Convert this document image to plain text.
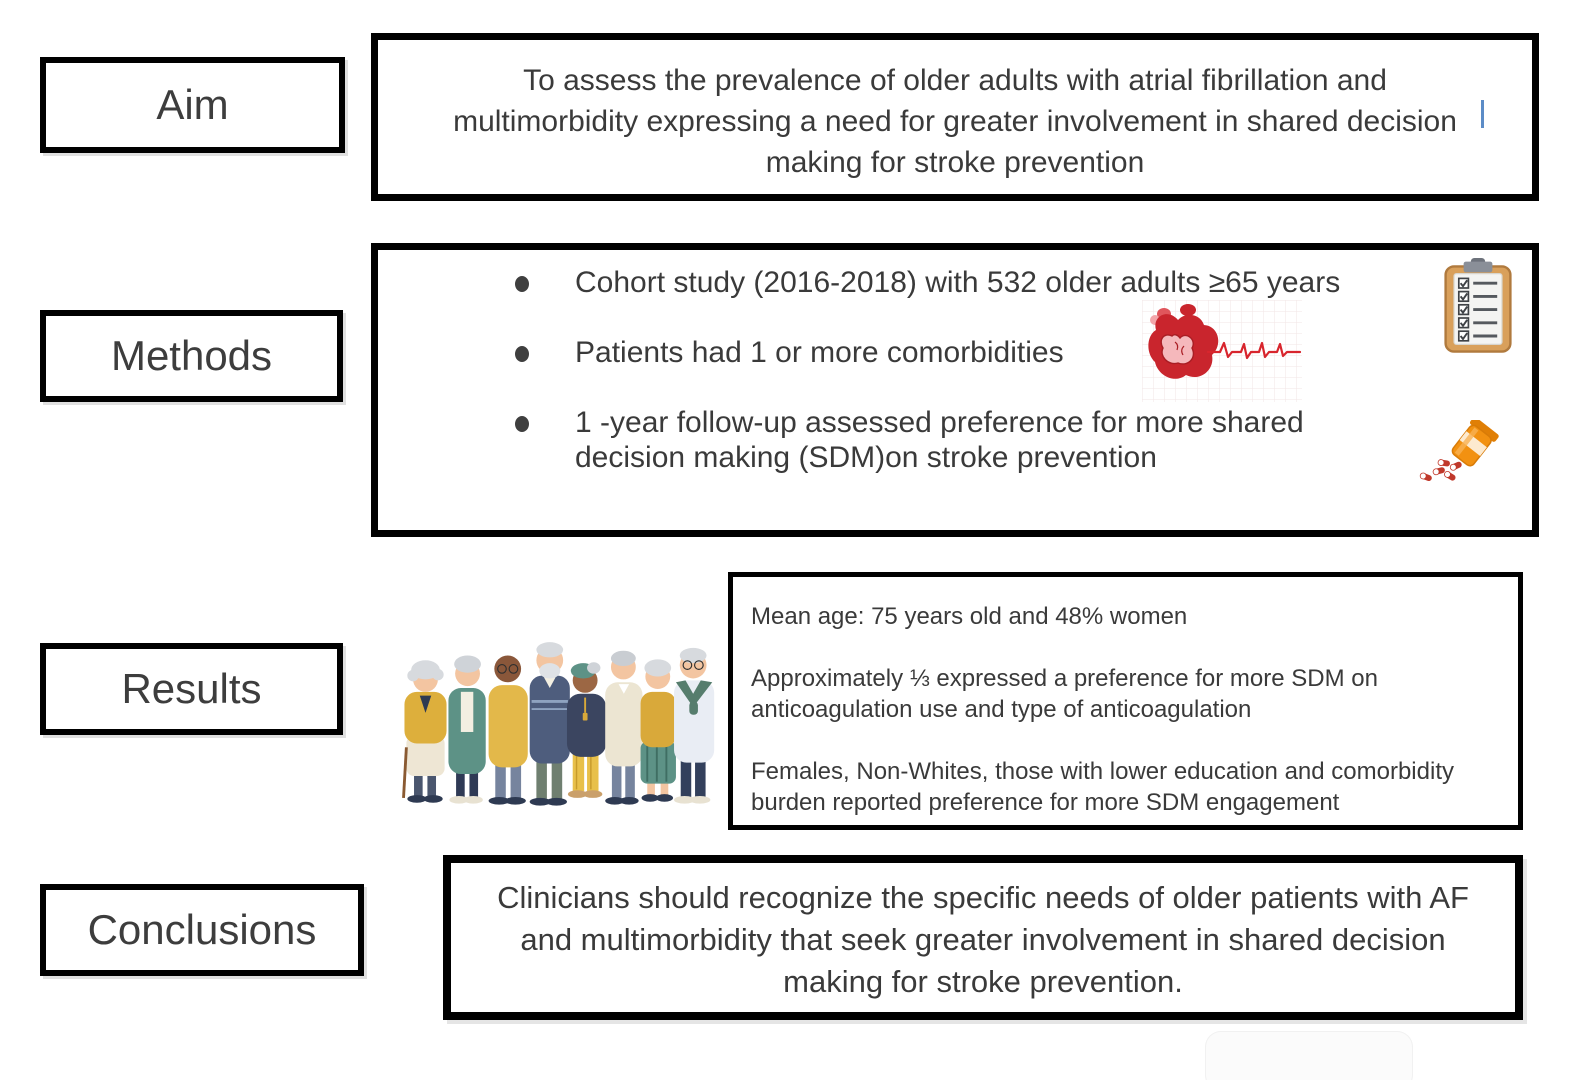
Aim
Methods
Results
Conclusions
To assess the prevalence of older adults with atrial fibrillation and multimorbidity expressing a need for greater involvement in shared decision making for stroke prevention
Cohort study (2016-2018) with 532 older adults ≥65 years
Patients had 1 or more comorbidities
1 -year follow-up assessed preference for more shared decision making (SDM)on stroke prevention

Mean age: 75 years old and 48% women

Approximately ⅓ expressed a preference for more SDM on anticoagulation use and type of anticoagulation

Females, Non-Whites, those with lower education and comorbidity burden reported preference for more SDM engagement

Clinicians should recognize the specific needs of older patients with AF and multimorbidity that seek greater involvement in shared decision making for stroke prevention.
